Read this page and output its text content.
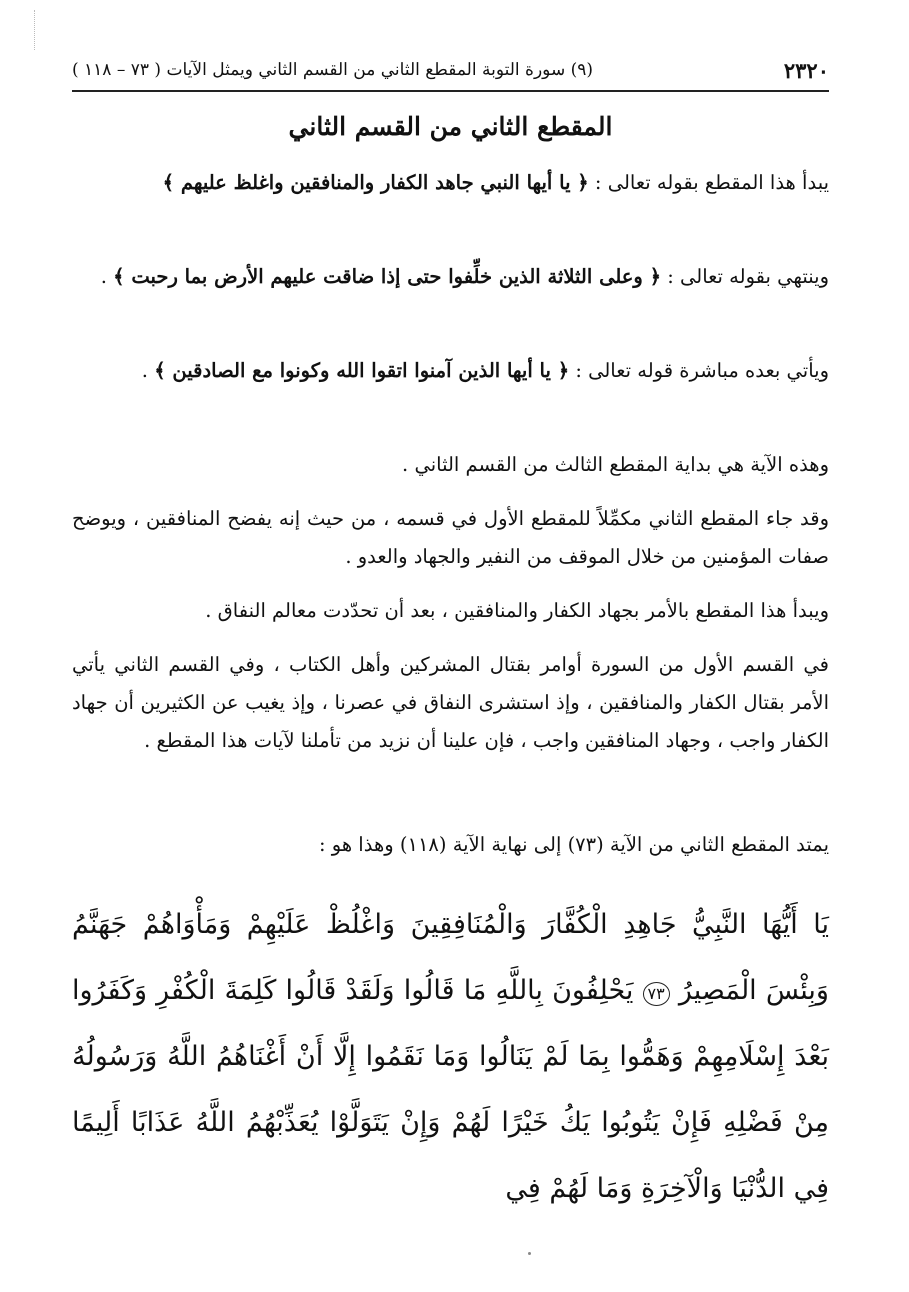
٢٣٢٠
(٩) سورة التوبة المقطع الثاني من القسم الثاني ويمثل الآيات ( ٧٣ – ١١٨ )
المقطع الثاني من القسم الثاني
يبدأ هذا المقطع بقوله تعالى : ﴿ يا أيها النبي جاهد الكفار والمنافقين واغلظ عليهم ﴾
وينتهي بقوله تعالى : ﴿ وعلى الثلاثة الذين خلِّفوا حتى إذا ضاقت عليهم الأرض بما رحبت ﴾ .
ويأتي بعده مباشرة قوله تعالى : ﴿ يا أيها الذين آمنوا اتقوا الله وكونوا مع الصادقين ﴾ .
وهذه الآية هي بداية المقطع الثالث من القسم الثاني .
وقد جاء المقطع الثاني مكمِّلاً للمقطع الأول في قسمه ، من حيث إنه يفضح المنافقين ، ويوضح صفات المؤمنين من خلال الموقف من النفير والجهاد والعدو .
ويبدأ هذا المقطع بالأمر بجهاد الكفار والمنافقين ، بعد أن تحدّدت معالم النفاق .
في القسم الأول من السورة أوامر بقتال المشركين وأهل الكتاب ، وفي القسم الثاني يأتي الأمر بقتال الكفار والمنافقين ، وإذ استشرى النفاق في عصرنا ، وإذ يغيب عن الكثيرين أن جهاد الكفار واجب ، وجهاد المنافقين واجب ، فإن علينا أن نزيد من تأملنا لآيات هذا المقطع .
يمتد المقطع الثاني من الآية (٧٣) إلى نهاية الآية (١١٨) وهذا هو :
يَا أَيُّهَا النَّبِيُّ جَاهِدِ الْكُفَّارَ وَالْمُنَافِقِينَ وَاغْلُظْ عَلَيْهِمْ وَمَأْوَاهُمْ جَهَنَّمُ وَبِئْسَ الْمَصِيرُ ٧٣ يَحْلِفُونَ بِاللَّهِ مَا قَالُوا وَلَقَدْ قَالُوا كَلِمَةَ الْكُفْرِ وَكَفَرُوا بَعْدَ إِسْلَامِهِمْ وَهَمُّوا بِمَا لَمْ يَنَالُوا وَمَا نَقَمُوا إِلَّا أَنْ أَغْنَاهُمُ اللَّهُ وَرَسُولُهُ مِنْ فَضْلِهِ فَإِنْ يَتُوبُوا يَكُ خَيْرًا لَهُمْ وَإِنْ يَتَوَلَّوْا يُعَذِّبْهُمُ اللَّهُ عَذَابًا أَلِيمًا فِي الدُّنْيَا وَالْآخِرَةِ وَمَا لَهُمْ فِي
